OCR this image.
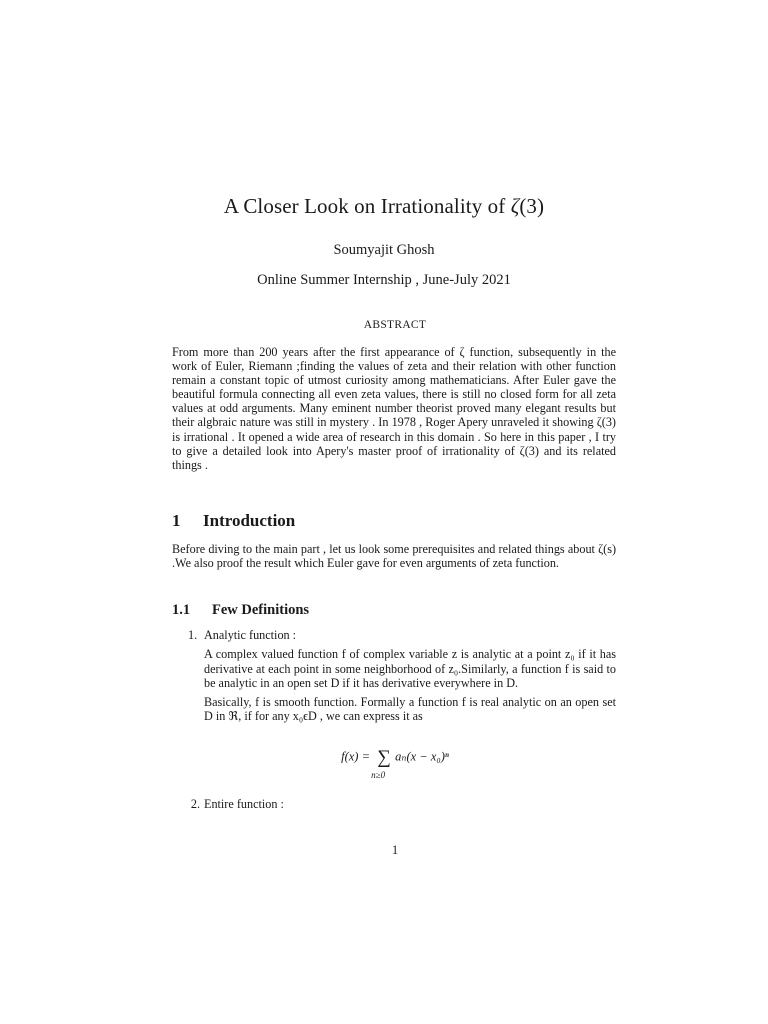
A Closer Look on Irrationality of ζ(3)
Soumyajit Ghosh
Online Summer Internship , June-July 2021
ABSTRACT

From more than 200 years after the first appearance of ζ function, subsequently in the work of Euler, Riemann ;finding the values of zeta and their relation with other function remain a constant topic of utmost curiosity among mathematicians. After Euler gave the beautiful formula connecting all even zeta values, there is still no closed form for all zeta values at odd arguments. Many eminent number theorist proved many elegant results but their algbraic nature was still in mystery . In 1978 , Roger Apery unraveled it showing ζ(3) is irrational . It opened a wide area of research in this domain . So here in this paper , I try to give a detailed look into Apery's master proof of irrationality of ζ(3) and its related things .

1 Introduction

Before diving to the main part , let us look some prerequisites and related things about ζ(s) .We also proof the result which Euler gave for even arguments of zeta function.

1.1 Few Definitions
1. Analytic function :

A complex valued function f of complex variable z is analytic at a point z₀ if it has derivative at each point in some neighborhood of z₀.Similarly, a function f is said to be analytic in an open set D if it has derivative everywhere in D.

Basically, f is smooth function. Formally a function f is real analytic on an open set D in ℜ, if for any x₀ϵD , we can express it as

f(x) = ∑
n≥0
aₙ(x − x₀)ⁿ
2. Entire function :
1
